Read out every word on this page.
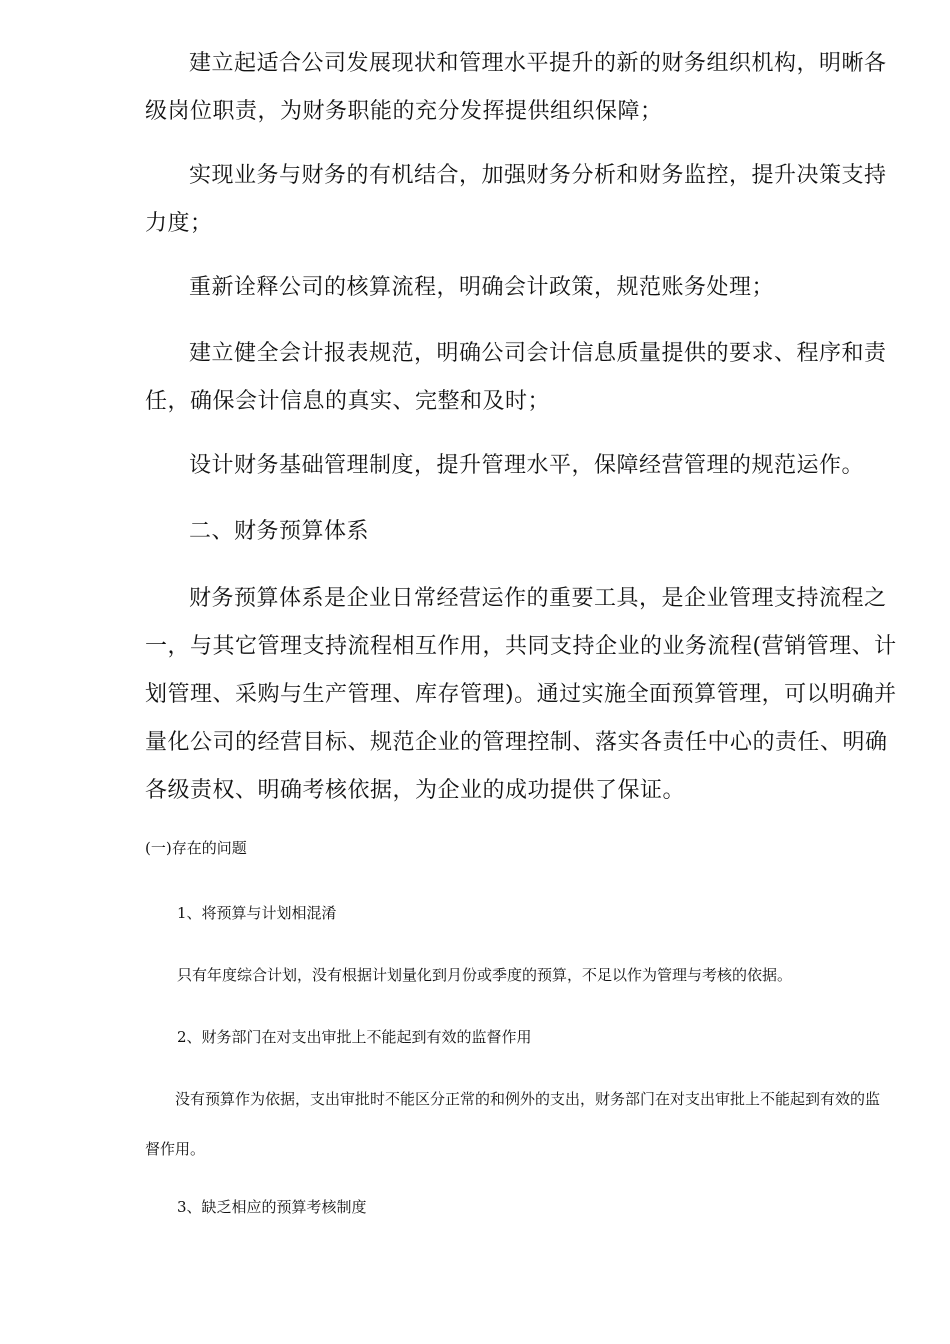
建立起适合公司发展现状和管理水平提升的新的财务组织机构，明晰各级岗位职责，为财务职能的充分发挥提供组织保障；

实现业务与财务的有机结合，加强财务分析和财务监控，提升决策支持力度；

重新诠释公司的核算流程，明确会计政策，规范账务处理；

建立健全会计报表规范，明确公司会计信息质量提供的要求、程序和责任，确保会计信息的真实、完整和及时；

设计财务基础管理制度，提升管理水平，保障经营管理的规范运作。

二、财务预算体系

财务预算体系是企业日常经营运作的重要工具，是企业管理支持流程之一，与其它管理支持流程相互作用，共同支持企业的业务流程(营销管理、计划管理、采购与生产管理、库存管理)。通过实施全面预算管理，可以明确并量化公司的经营目标、规范企业的管理控制、落实各责任中心的责任、明确各级责权、明确考核依据，为企业的成功提供了保证。

(一)存在的问题

1、将预算与计划相混淆

只有年度综合计划，没有根据计划量化到月份或季度的预算，不足以作为管理与考核的依据。

2、财务部门在对支出审批上不能起到有效的监督作用

没有预算作为依据，支出审批时不能区分正常的和例外的支出，财务部门在对支出审批上不能起到有效的监督作用。

3、缺乏相应的预算考核制度
